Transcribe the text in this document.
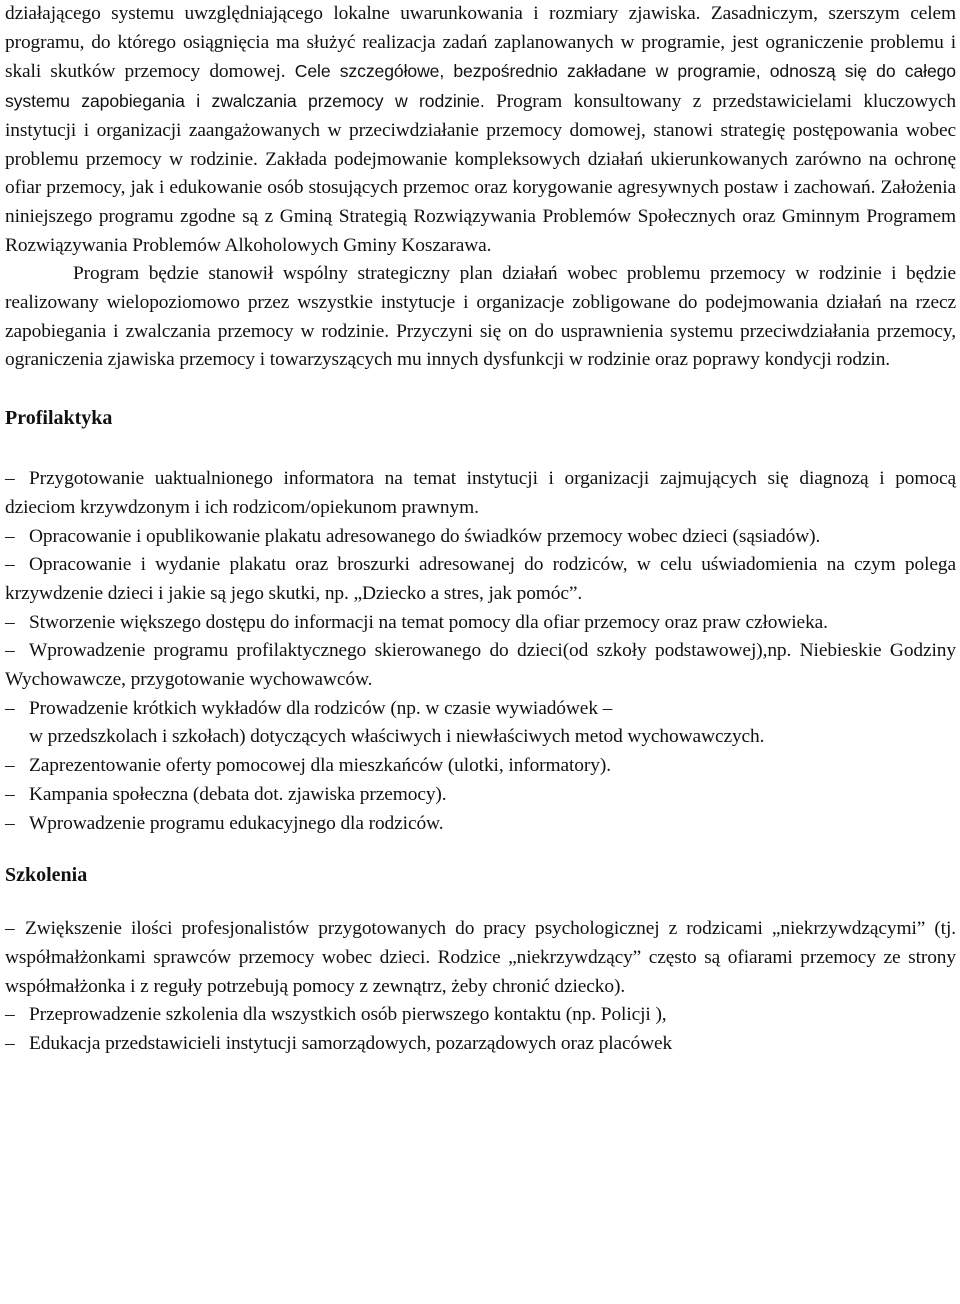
działającego systemu uwzględniającego lokalne uwarunkowania i rozmiary zjawiska. Zasadniczym, szerszym celem programu, do którego osiągnięcia ma służyć realizacja zadań zaplanowanych w programie, jest ograniczenie problemu i skali skutków przemocy domowej. Cele szczegółowe, bezpośrednio zakładane w programie, odnoszą się do całego systemu zapobiegania i zwalczania przemocy w rodzinie. Program konsultowany z przedstawicielami kluczowych instytucji i organizacji zaangażowanych w przeciwdziałanie przemocy domowej, stanowi strategię postępowania wobec problemu przemocy w rodzinie. Zakłada podejmowanie kompleksowych działań ukierunkowanych zarówno na ochronę ofiar przemocy, jak i edukowanie osób stosujących przemoc oraz korygowanie agresywnych postaw i zachowań. Założenia niniejszego programu zgodne są z Gminą Strategią Rozwiązywania Problemów Społecznych oraz Gminnym Programem Rozwiązywania Problemów Alkoholowych Gminy Koszarawa.

Program będzie stanowił wspólny strategiczny plan działań wobec problemu przemocy w rodzinie i będzie realizowany wielopoziomowo przez wszystkie instytucje i organizacje zobligowane do podejmowania działań na rzecz zapobiegania i zwalczania przemocy w rodzinie. Przyczyni się on do usprawnienia systemu przeciwdziałania przemocy, ograniczenia zjawiska przemocy i towarzyszących mu innych dysfunkcji w rodzinie oraz poprawy kondycji rodzin.

Profilaktyka

– Przygotowanie uaktualnionego informatora na temat instytucji i organizacji zajmujących się diagnozą i pomocą dzieciom krzywdzonym i ich rodzicom/opiekunom prawnym.

– Opracowanie i opublikowanie plakatu adresowanego do świadków przemocy wobec dzieci (sąsiadów).

– Opracowanie i wydanie plakatu oraz broszurki adresowanej do rodziców, w celu uświadomienia na czym polega krzywdzenie dzieci i jakie są jego skutki, np. „Dziecko a stres, jak pomóc”.

– Stworzenie większego dostępu do informacji na temat pomocy dla ofiar przemocy oraz praw człowieka.

– Wprowadzenie programu profilaktycznego skierowanego do dzieci(od szkoły podstawowej),np. Niebieskie Godziny Wychowawcze, przygotowanie wychowawców.

– Prowadzenie krótkich wykładów dla rodziców (np. w czasie wywiadówek –

w przedszkolach i szkołach) dotyczących właściwych i niewłaściwych metod wychowawczych.

– Zaprezentowanie oferty pomocowej dla mieszkańców (ulotki, informatory).

– Kampania społeczna (debata dot. zjawiska przemocy).

– Wprowadzenie programu edukacyjnego dla rodziców.

Szkolenia

– Zwiększenie ilości profesjonalistów przygotowanych do pracy psychologicznej z rodzicami „niekrzywdzącymi” (tj. współmałżonkami sprawców przemocy wobec dzieci. Rodzice „niekrzywdzący” często są ofiarami przemocy ze strony współmałżonka i z reguły potrzebują pomocy z zewnątrz, żeby chronić dziecko).

– Przeprowadzenie szkolenia dla wszystkich osób pierwszego kontaktu (np. Policji ),

– Edukacja przedstawicieli instytucji samorządowych, pozarządowych oraz placówek
